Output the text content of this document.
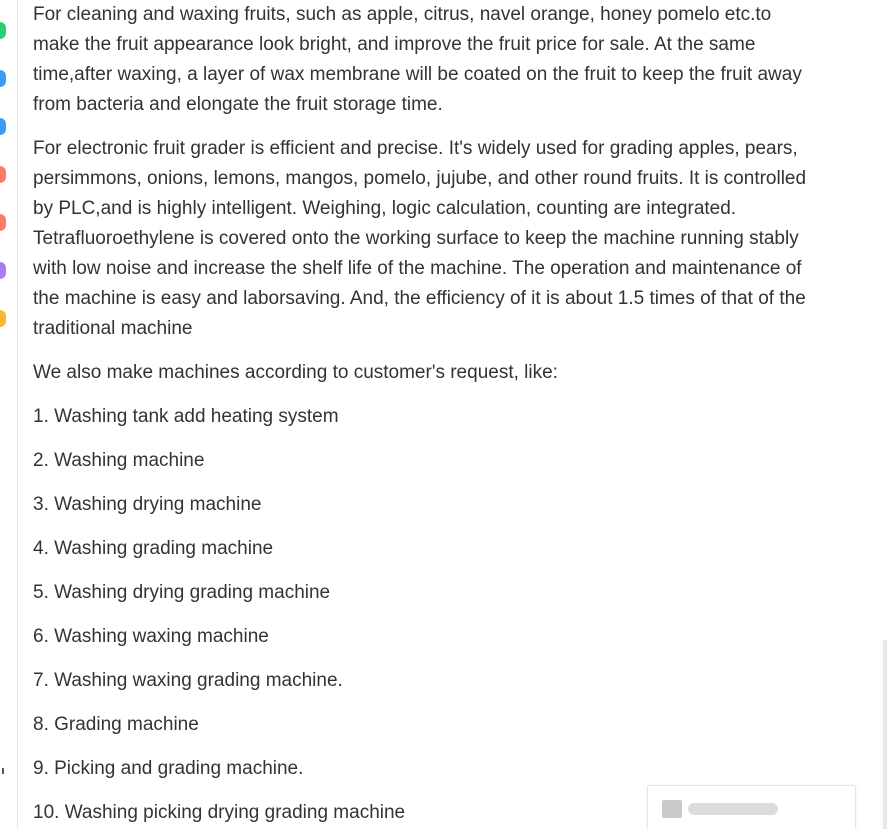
For cleaning and waxing fruits, such as apple, citrus, navel orange, honey pomelo etc.to make the fruit appearance look bright, and improve the fruit price for sale. At the same time,after waxing, a layer of wax membrane will be coated on the fruit to keep the fruit away from bacteria and elongate the fruit storage time.

For electronic fruit grader is efficient and precise. It's widely used for grading apples, pears, persimmons, onions, lemons, mangos, pomelo, jujube, and other round fruits. It is controlled by PLC,and is highly intelligent. Weighing, logic calculation, counting are integrated. Tetrafluoroethylene is covered onto the working surface to keep the machine running stably with low noise and increase the shelf life of the machine. The operation and maintenance of the machine is easy and laborsaving. And, the efficiency of it is about 1.5 times of that of the traditional machine

We also make machines according to customer's request, like:

1. Washing tank add heating system

2. Washing machine

3. Washing drying machine

4. Washing grading machine

5. Washing drying grading machine

6. Washing waxing machine

7. Washing waxing grading machine.

8. Grading machine

9. Picking and grading machine.

10. Washing picking drying grading machine
